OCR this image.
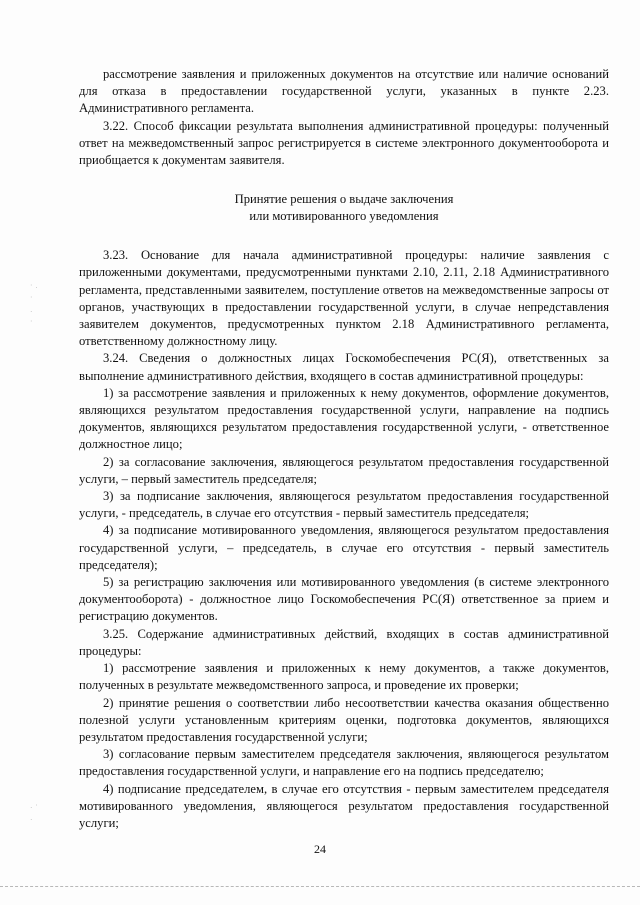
рассмотрение заявления и приложенных документов на отсутствие или наличие оснований для отказа в предоставлении государственной услуги, указанных в пункте 2.23. Административного регламента.

3.22. Способ фиксации результата выполнения административной процедуры: полученный ответ на межведомственный запрос регистрируется в системе электронного документооборота и приобщается к документам заявителя.

Принятие решения о выдаче заключения
или мотивированного уведомления

3.23. Основание для начала административной процедуры: наличие заявления с приложенными документами, предусмотренными пунктами 2.10, 2.11, 2.18 Административного регламента, представленными заявителем, поступление ответов на межведомственные запросы от органов, участвующих в предоставлении государственной услуги, в случае непредставления заявителем документов, предусмотренных пунктом 2.18 Административного регламента, ответственному должностному лицу.

3.24. Сведения о должностных лицах Госкомобеспечения РС(Я), ответственных за выполнение административного действия, входящего в состав административной процедуры:

1) за рассмотрение заявления и приложенных к нему документов, оформление документов, являющихся результатом предоставления государственной услуги, направление на подпись документов, являющихся результатом предоставления государственной услуги, - ответственное должностное лицо;

2) за согласование заключения, являющегося результатом предоставления государственной услуги, – первый заместитель председателя;

3) за подписание заключения, являющегося результатом предоставления государственной услуги, - председатель, в случае его отсутствия - первый заместитель председателя;

4) за подписание мотивированного уведомления, являющегося результатом предоставления государственной услуги, – председатель, в случае его отсутствия - первый заместитель председателя);

5) за регистрацию заключения или мотивированного уведомления (в системе электронного документооборота) - должностное лицо Госкомобеспечения РС(Я) ответственное за прием и регистрацию документов.

3.25. Содержание административных действий, входящих в состав административной процедуры:

1) рассмотрение заявления и приложенных к нему документов, а также документов, полученных в результате межведомственного запроса, и проведение их проверки;

2) принятие решения о соответствии либо несоответствии качества оказания общественно полезной услуги установленным критериям оценки, подготовка документов, являющихся результатом предоставления государственной услуги;

3) согласование первым заместителем председателя заключения, являющегося результатом предоставления государственной услуги, и направление его на подпись председателю;

4) подписание председателем, в случае его отсутствия - первым заместителем председателя мотивированного уведомления, являющегося результатом предоставления государственной услуги;

24
· .
·
.
·
. ·
.
